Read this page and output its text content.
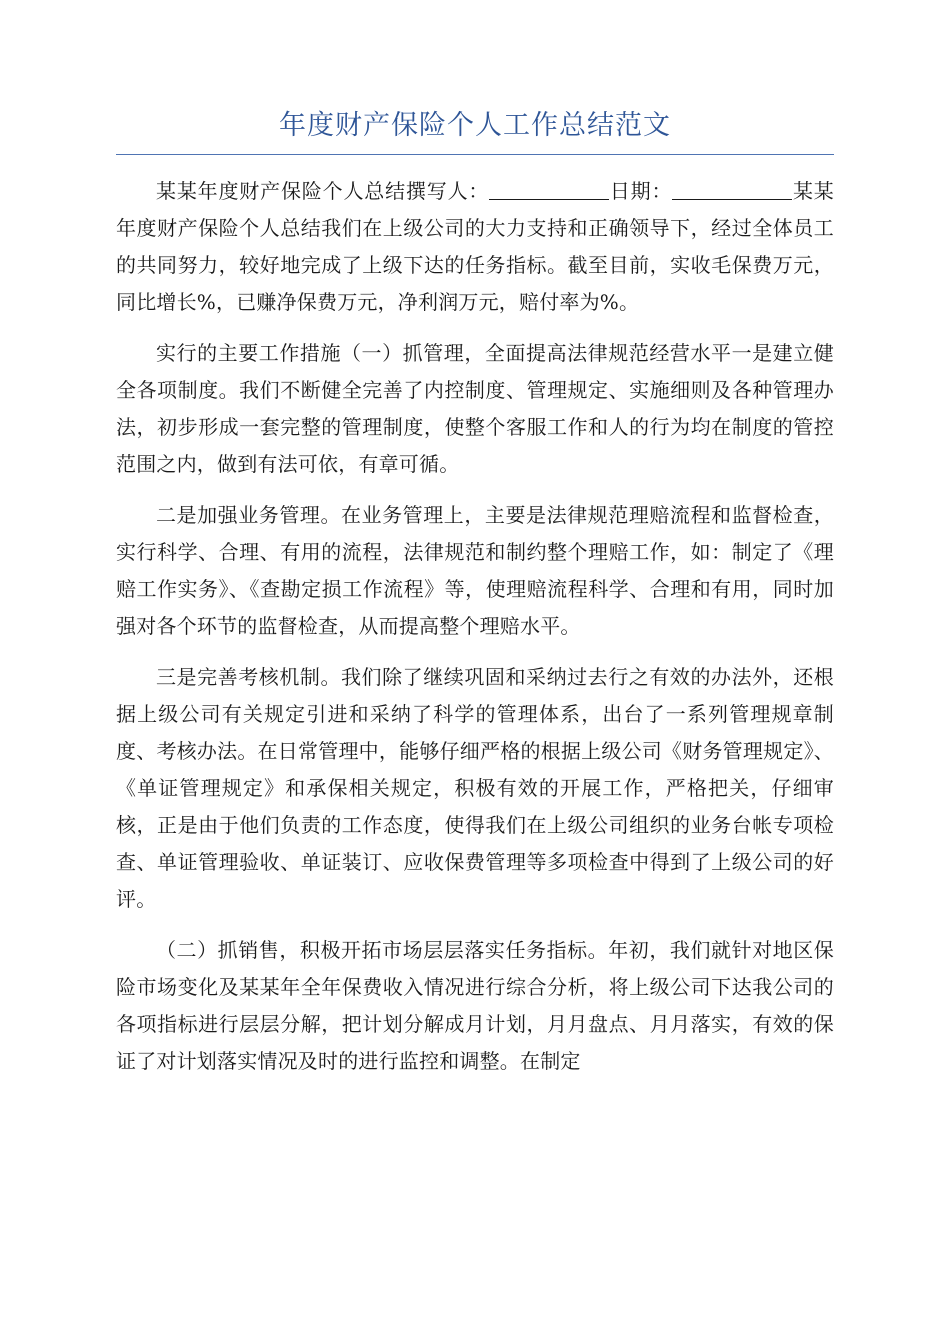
年度财产保险个人工作总结范文

某某年度财产保险个人总结撰写人：	日期：	某某年度财产保险个人总结我们在上级公司的大力支持和正确领导下，经过全体员工的共同努力，较好地完成了上级下达的任务指标。截至目前，实收毛保费万元，同比增长%，已赚净保费万元，净利润万元，赔付率为%。

实行的主要工作措施（一）抓管理，全面提高法律规范经营水平一是建立健全各项制度。我们不断健全完善了内控制度、管理规定、实施细则及各种管理办法，初步形成一套完整的管理制度，使整个客服工作和人的行为均在制度的管控范围之内，做到有法可依，有章可循。

二是加强业务管理。在业务管理上，主要是法律规范理赔流程和监督检查，实行科学、合理、有用的流程，法律规范和制约整个理赔工作，如：制定了《理赔工作实务》、《查勘定损工作流程》等，使理赔流程科学、合理和有用，同时加强对各个环节的监督检查，从而提高整个理赔水平。

三是完善考核机制。我们除了继续巩固和采纳过去行之有效的办法外，还根据上级公司有关规定引进和采纳了科学的管理体系，出台了一系列管理规章制度、考核办法。在日常管理中，能够仔细严格的根据上级公司《财务管理规定》、《单证管理规定》和承保相关规定，积极有效的开展工作，严格把关，仔细审核，正是由于他们负责的工作态度，使得我们在上级公司组织的业务台帐专项检查、单证管理验收、单证装订、应收保费管理等多项检查中得到了上级公司的好评。

（二）抓销售，积极开拓市场层层落实任务指标。年初，我们就针对地区保险市场变化及某某年全年保费收入情况进行综合分析，将上级公司下达我公司的各项指标进行层层分解，把计划分解成月计划，月月盘点、月月落实，有效的保证了对计划落实情况及时的进行监控和调整。在制定
